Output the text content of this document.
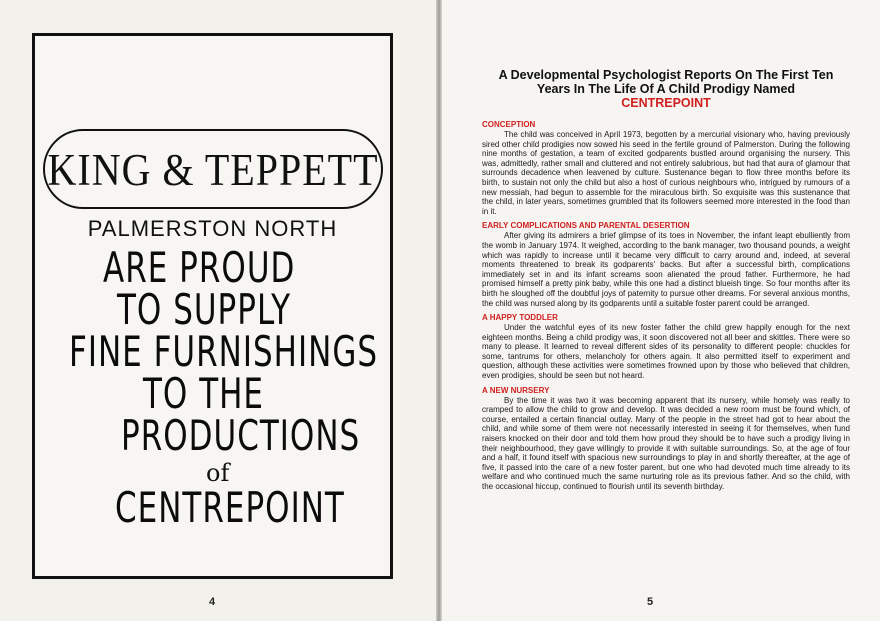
KING & TEPPETT
PALMERSTON NORTH
ARE PROUD
TO SUPPLY
FINE FURNISHINGS
TO THE
PRODUCTIONS
of
CENTREPOINT
4
A Developmental Psychologist Reports On The First Ten Years In The Life Of A Child Prodigy Named
CENTREPOINT
CONCEPTION
The child was conceived in April 1973, begotten by a mercurial visionary who, having previously sired other child prodigies now sowed his seed in the fertile ground of Palmerston. During the following nine months of gestation, a team of excited godparents bustled around organising the nursery. This was, admittedly, rather small and cluttered and not entirely salubrious, but had that aura of glamour that surrounds decadence when leavened by culture. Sustenance began to flow three months before its birth, to sustain not only the child but also a host of curious neighbours who, intrigued by rumours of a new messiah, had begun to assemble for the miraculous birth. So exquisite was this sustenance that the child, in later years, sometimes grumbled that its followers seemed more interested in the food than in it.
EARLY COMPLICATIONS AND PARENTAL DESERTION
After giving its admirers a brief glimpse of its toes in November, the infant leapt ebulliently from the womb in January 1974. It weighed, according to the bank manager, two thousand pounds, a weight which was rapidly to increase until it became very difficult to carry around and, indeed, at several moments threatened to break its godparents' backs. But after a successful birth, complications immediately set in and its infant screams soon alienated the proud father. Furthermore, he had promised himself a pretty pink baby, while this one had a distinct blueish tinge. So four months after its birth he sloughed off the doubtful joys of paternity to pursue other dreams. For several anxious months, the child was nursed along by its godparents until a suitable foster parent could be arranged.
A HAPPY TODDLER
Under the watchful eyes of its new foster father the child grew happily enough for the next eighteen months. Being a child prodigy was, it soon discovered not all beer and skittles. There were so many to please. It learned to reveal different sides of its personality to different people: chuckles for some, tantrums for others, melancholy for others again. It also permitted itself to experiment and question, although these activities were sometimes frowned upon by those who believed that children, even prodigies, should be seen but not heard.
A NEW NURSERY
By the time it was two it was becoming apparent that its nursery, while homely was really to cramped to allow the child to grow and develop. It was decided a new room must be found which, of course, entailed a certain financial outlay. Many of the people in the street had got to hear about the child, and while some of them were not necessarily interested in seeing it for themselves, when fund raisers knocked on their door and told them how proud they should be to have such a prodigy living in their neighbourhood, they gave willingly to provide it with suitable surroundings. So, at the age of four and a half, it found itself with spacious new surroundings to play in and shortly thereafter, at the age of five, it passed into the care of a new foster parent, but one who had devoted much time already to its welfare and who continued much the same nurturing role as its previous father. And so the child, with the occasional hiccup, continued to flourish until its seventh birthday.
5
